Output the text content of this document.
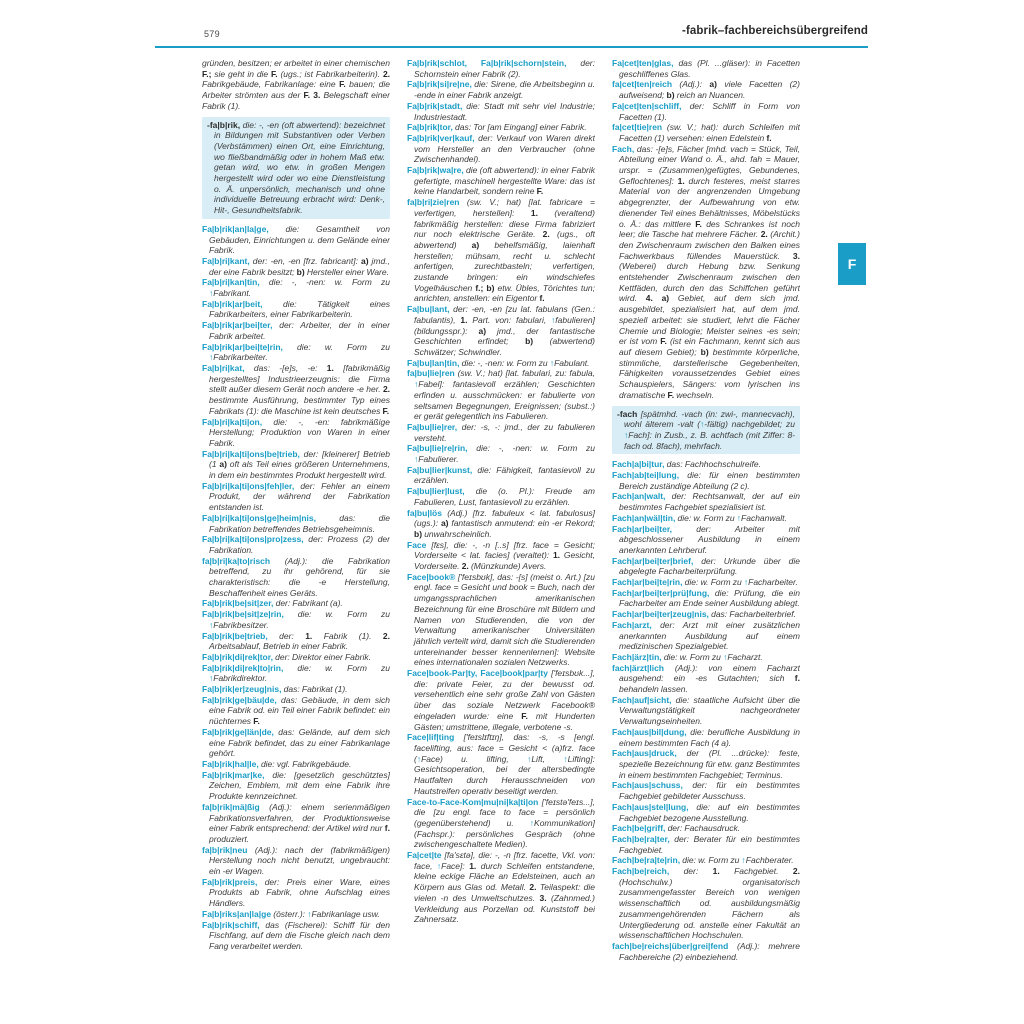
579	-fabrik–fachbereichsübergreifend

gründen, besitzen; er arbeitet in einer chemischen F.; sie geht in die F. (ugs.; ist Fabrikarbeiterin). 2. Fabrikgebäude, Fabrikanlage: eine F. bauen; die Arbeiter strömten aus der F. 3. Belegschaft einer Fabrik (1).

-fa|b|rik, die: -, -en (oft abwertend): bezeichnet in Bildungen mit Substantiven oder Verben (Verbstämmen) einen Ort, eine Einrichtung, wo fließbandmäßig oder in hohem Maß etw. getan wird, wo etw. in großen Mengen hergestellt wird oder wo eine Dienstleistung o. Ä. unpersönlich, mechanisch und ohne individuelle Betreuung erbracht wird: Denk-, Hit-, Gesundheitsfabrik.

Fa|b|rik|an|la|ge, die: Gesamtheit von Gebäuden, Einrichtungen u. dem Gelände einer Fabrik.

Fa|b|ri|kant, der: -en, -en [frz. fabricant]: a) jmd., der eine Fabrik besitzt; b) Hersteller einer Ware.

Fa|b|ri|kan|tin, die: -, -nen: w. Form zu ↑Fabrikant.

Fa|b|rik|ar|beit, die: Tätigkeit eines Fabrikarbeiters, einer Fabrikarbeiterin.

Fa|b|rik|ar|bei|ter, der: Arbeiter, der in einer Fabrik arbeitet.

Fa|b|rik|ar|bei|te|rin, die: w. Form zu ↑Fabrikarbeiter.

Fa|b|ri|kat, das: -[e]s, -e: 1. [fabrikmäßig hergestelltes] Industrieerzeugnis: die Firma stellt außer diesem Gerät noch andere -e her. 2. bestimmte Ausführung, bestimmter Typ eines Fabrikats (1): die Maschine ist kein deutsches F.

Fa|b|ri|ka|ti|on, die: -, -en: fabrikmäßige Herstellung; Produktion von Waren in einer Fabrik.

Fa|b|ri|ka|ti|ons|be|trieb, der: [kleinerer] Betrieb (1 a) oft als Teil eines größeren Unternehmens, in dem ein bestimmtes Produkt hergestellt wird.

Fa|b|ri|ka|ti|ons|feh|ler, der: Fehler an einem Produkt, der während der Fabrikation entstanden ist.

Fa|b|ri|ka|ti|ons|ge|heim|nis,	das:	die Fabrikation betreffendes Betriebsgeheimnis.

Fa|b|ri|ka|ti|ons|pro|zess, der: Prozess (2) der Fabrikation.

fa|b|ri|ka|to|risch (Adj.): die Fabrikation betreffend, zu ihr gehörend, für sie charakteristisch: die -e Herstellung, Beschaffenheit eines Geräts.

Fa|b|rik|be|sit|zer, der: Fabrikant (a).

Fa|b|rik|be|sit|ze|rin, die: w. Form zu ↑Fabrikbesitzer.

Fa|b|rik|be|trieb, der: 1. Fabrik (1). 2. Arbeitsablauf, Betrieb in einer Fabrik.

Fa|b|rik|di|rek|tor, der: Direktor einer Fabrik.

Fa|b|rik|di|rek|to|rin, die: w. Form zu ↑Fabrikdirektor.

Fa|b|rik|er|zeug|nis, das: Fabrikat (1).

Fa|b|rik|ge|bäu|de, das: Gebäude, in dem sich eine Fabrik od. ein Teil einer Fabrik befindet: ein nüchternes F.

Fa|b|rik|ge|län|de, das: Gelände, auf dem sich eine Fabrik befindet, das zu einer Fabrikanlage gehört.

Fa|b|rik|hal|le, die: vgl. Fabrikgebäude.

Fa|b|rik|mar|ke, die: [gesetzlich geschütztes] Zeichen, Emblem, mit dem eine Fabrik ihre Produkte kennzeichnet.

fa|b|rik|mä|ßig (Adj.): einem serienmäßigen Fabrikationsverfahren, der Produktionsweise einer Fabrik entsprechend: der Artikel wird nur f. produziert.

fa|b|rik|neu (Adj.): nach der (fabrikmäßigen) Herstellung noch nicht benutzt, ungebraucht: ein -er Wagen.

Fa|b|rik|preis, der: Preis einer Ware, eines Produkts ab Fabrik, ohne Aufschlag eines Händlers.

Fa|b|riks|an|la|ge (österr.): ↑Fabrikanlage usw.

Fa|b|rik|schiff, das (Fischerei): Schiff für den Fischfang, auf dem die Fische gleich nach dem Fang verarbeitet werden.

Fa|b|rik|schlot, Fa|b|rik|schorn|stein, der: Schornstein einer Fabrik (2).

Fa|b|rik|si|re|ne, die: Sirene, die Arbeitsbeginn u. -ende in einer Fabrik anzeigt.

Fa|b|rik|stadt, die: Stadt mit sehr viel Industrie; Industriestadt.

Fa|b|rik|tor, das: Tor [am Eingang] einer Fabrik.

Fa|b|rik|ver|kauf, der: Verkauf von Waren direkt vom Hersteller an den Verbraucher (ohne Zwischenhandel).

Fa|b|rik|wa|re, die (oft abwertend): in einer Fabrik gefertigte, maschinell hergestellte Ware: das ist keine Handarbeit, sondern reine F.

fa|b|ri|zie|ren (sw. V.; hat) [lat. fabricare = verfertigen, herstellen]: 1. (veraltend) fabrikmäßig herstellen: diese Firma fabriziert nur noch elektrische Geräte. 2. (ugs., oft abwertend) a) behelfsmäßig, laienhaft herstellen; mühsam, recht u. schlecht anfertigen, zurechtbasteln; verfertigen, zustande bringen: ein windschiefes Vogelhäuschen f.; b) etw. Übles, Törichtes tun; anrichten, anstellen: ein Eigentor f.

Fa|bu|lant, der: -en, -en [zu lat. fabulans (Gen.: fabulantis), 1. Part. von: fabulari, ↑fabulieren] (bildungsspr.): a) jmd., der fantastische Geschichten erfindet; b) (abwertend) Schwätzer; Schwindler.

Fa|bu|lan|tin, die: -, -nen: w. Form zu ↑Fabulant.

fa|bu|lie|ren (sw. V.; hat) [lat. fabulari, zu: fabula, ↑Fabel]: fantasievoll erzählen; Geschichten erfinden u. ausschmücken: er fabulierte von seltsamen Begegnungen, Ereignissen; (subst.:) er gerät gelegentlich ins Fabulieren.

Fa|bu|lie|rer, der: -s, -: jmd., der zu fabulieren versteht.

Fa|bu|lie|re|rin, die: -, -nen: w. Form zu ↑Fabulierer.

Fa|bu|lier|kunst, die: Fähigkeit, fantasievoll zu erzählen.

Fa|bu|lier|lust, die (o. Pl.): Freude am Fabulieren, Lust, fantasievoll zu erzählen.

fa|bu|lös (Adj.) [frz. fabuleux < lat. fabulosus] (ugs.): a) fantastisch anmutend: ein -er Rekord; b) unwahrscheinlich.

Face [fɛs], die: -, -n [..s] [frz. face = Gesicht; Vorderseite < lat. facies] (veraltet): 1. Gesicht, Vorderseite. 2. (Münzkunde) Avers.

Face|book® ['feɪsbʊk], das: -[s] (meist o. Art.) [zu engl. face = Gesicht und book = Buch, nach der umgangssprachlichen	amerikanischen Bezeichnung für eine Broschüre mit Bildern und Namen von Studierenden, die von der Verwaltung amerikanischer Universitäten jährlich verteilt wird, damit sich die Studierenden untereinander besser kennenlernen]: Website eines internationalen sozialen Netzwerks.

Face|book-Par|ty, Face|book|par|ty ['feɪsbʊk...], die: private Feier, zu der bewusst od. versehentlich eine sehr große Zahl von Gästen über das soziale Netzwerk Facebook® eingeladen wurde: eine F. mit Hunderten Gästen; umstrittene, illegale, verbotene -s.

Face|lif|ting ['feɪslɪftɪŋ], das: -s, -s [engl. facelifting, aus: face = Gesicht < (a)frz. face (↑Face) u. lifting, ↑Lift, ↑Lifting]: Gesichtsoperation, bei der altersbedingte Hautfalten durch Herausschneiden von Hautstreifen operativ beseitigt werden.

Face-to-Face-Kom|mu|ni|ka|ti|on ['feɪstə'feɪs...], die [zu engl. face to face = persönlich (gegenüberstehend) u. ↑Kommunikation] (Fachspr.): persönliches Gespräch (ohne zwischengeschaltete Medien).

Fa|cet|te [fa'sɛtə], die: -, -n [frz. facette, Vkl. von: face, ↑Face]: 1. durch Schleifen entstandene, kleine eckige Fläche an Edelsteinen, auch an Körpern aus Glas od. Metall. 2. Teilaspekt: die vielen -n des Umweltschutzes. 3. (Zahnmed.) Verkleidung aus Porzellan od. Kunststoff bei Zahnersatz.

Fa|cet|ten|glas, das (Pl. ...gläser): in Facetten geschliffenes Glas.

fa|cet|ten|reich (Adj.): a) viele Facetten (2) aufweisend; b) reich an Nuancen.

Fa|cet|ten|schliff, der: Schliff in Form von Facetten (1).

fa|cet|tie|ren (sw. V.; hat): durch Schleifen mit Facetten (1) versehen: einen Edelstein f.

Fach, das: -[e]s, Fächer [mhd. vach = Stück, Teil, Abteilung einer Wand o. Ä., ahd. fah = Mauer, urspr. = (Zusammen)gefügtes, Gebundenes, Geflochtenes]: 1. durch festeres, meist starres Material von der angrenzenden Umgebung abgegrenzter, der Aufbewahrung von etw. dienender Teil eines Behältnisses, Möbelstücks o. Ä.: das mittlere F. des Schrankes ist noch leer; die Tasche hat mehrere Fächer. 2. (Archit.) den Zwischenraum zwischen den Balken eines Fachwerkbaus füllendes Mauerstück. 3. (Weberei) durch Hebung bzw. Senkung entstehender Zwischenraum zwischen den Kettfäden, durch den das Schiffchen geführt wird. 4. a) Gebiet, auf dem sich jmd. ausgebildet, spezialisiert hat, auf dem jmd. speziell arbeitet: sie studiert, lehrt die Fächer Chemie und Biologie; Meister seines -es sein; er ist vom F. (ist ein Fachmann, kennt sich aus auf diesem Gebiet); b) bestimmte körperliche, stimmliche, darstellerische Gegebenheiten, Fähigkeiten voraussetzendes Gebiet eines Schauspielers, Sängers: vom lyrischen ins dramatische F. wechseln.

-fach [spätmhd. -vach (in: zwi-, mannecvach), wohl älterem -valt (↑-fältig) nachgebildet; zu ↑Fach]: in Zusb., z. B. achtfach (mit Ziffer: 8-fach od. 8fach), mehrfach.

Fach|a|bi|tur, das: Fachhochschulreife.

Fach|ab|tei|lung, die: für einen bestimmten Bereich zuständige Abteilung (2 c).

Fach|an|walt, der: Rechtsanwalt, der auf ein bestimmtes Fachgebiet spezialisiert ist.

Fach|an|wäl|tin, die: w. Form zu ↑Fachanwalt.

Fach|ar|bei|ter,	der:	Arbeiter	mit abgeschlossener Ausbildung in einem anerkannten Lehrberuf.

Fach|ar|bei|ter|brief, der: Urkunde über die abgelegte Facharbeiterprüfung.

Fach|ar|bei|te|rin, die: w. Form zu ↑Facharbeiter.

Fach|ar|bei|ter|prü|fung, die: Prüfung, die ein Facharbeiter am Ende seiner Ausbildung ablegt.

Fach|ar|bei|ter|zeug|nis, das: Facharbeiterbrief.

Fach|arzt, der: Arzt mit einer zusätzlichen anerkannten Ausbildung auf einem medizinischen Spezialgebiet.

Fach|ärz|tin, die: w. Form zu ↑Facharzt.

fach|ärzt|lich (Adj.): von einem Facharzt ausgehend: ein -es Gutachten; sich f. behandeln lassen.

Fach|auf|sicht, die: staatliche Aufsicht über die Verwaltungstätigkeit	nachgeordneter Verwaltungseinheiten.

Fach|aus|bil|dung, die: berufliche Ausbildung in einem bestimmten Fach (4 a).

Fach|aus|druck, der (Pl. ...drücke): feste, spezielle Bezeichnung für etw. ganz Bestimmtes in einem bestimmten Fachgebiet; Terminus.

Fach|aus|schuss, der: für ein bestimmtes Fachgebiet gebildeter Ausschuss.

Fach|aus|stel|lung, die: auf ein bestimmtes Fachgebiet bezogene Ausstellung.

Fach|be|griff, der: Fachausdruck.

Fach|be|ra|ter, der: Berater für ein bestimmtes Fachgebiet.

Fach|be|ra|te|rin, die: w. Form zu ↑Fachberater.

Fach|be|reich, der: 1. Fachgebiet. 2. (Hochschulw.)	organisatorisch zusammengefasster Bereich von wenigen wissenschaftlich od. ausbildungsmäßig zusammengehörenden	Fächern	als Untergliederung od. anstelle einer Fakultät an wissenschaftlichen Hochschulen.

fach|be|reichs|über|grei|fend (Adj.): mehrere Fachbereiche (2) einbeziehend.

F
